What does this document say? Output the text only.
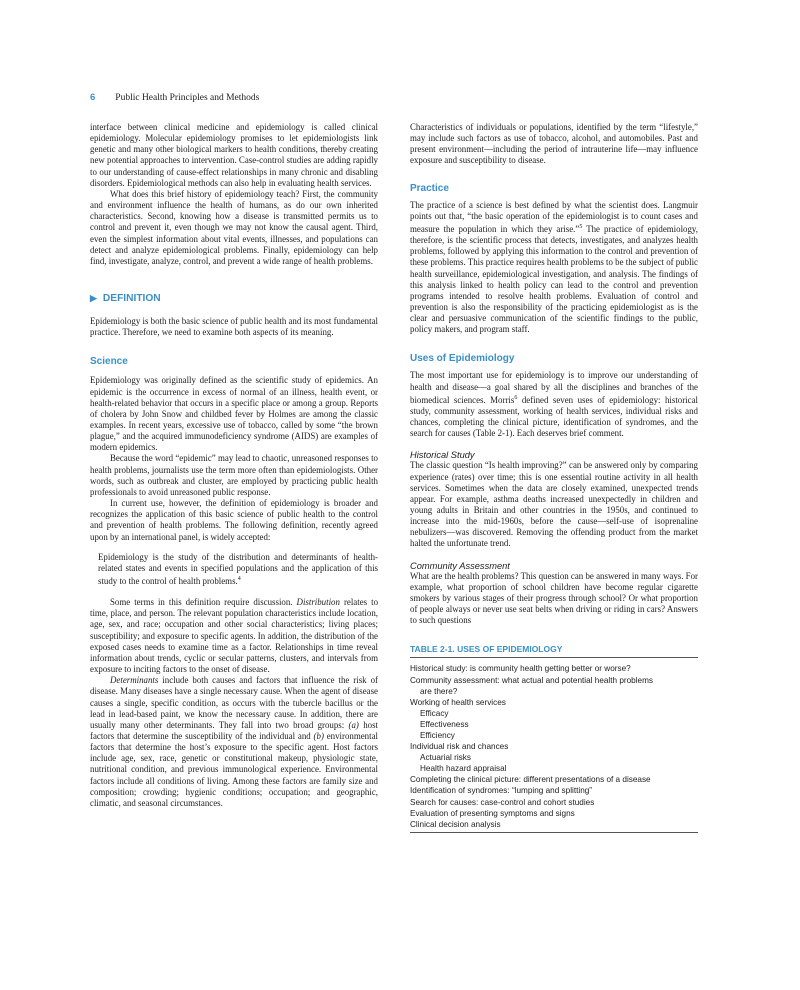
6 Public Health Principles and Methods

interface between clinical medicine and epidemiology is called clinical epidemiology. Molecular epidemiology promises to let epidemiologists link genetic and many other biological markers to health conditions, thereby creating new potential approaches to intervention. Case-control studies are adding rapidly to our understanding of cause-effect relationships in many chronic and disabling disorders. Epidemiological methods can also help in evaluating health services.

What does this brief history of epidemiology teach? First, the community and environment influence the health of humans, as do our own inherited characteristics. Second, knowing how a disease is transmitted permits us to control and prevent it, even though we may not know the causal agent. Third, even the simplest information about vital events, illnesses, and populations can detect and analyze epidemiological problems. Finally, epidemiology can help find, investigate, analyze, control, and prevent a wide range of health problems.

▶ DEFINITION

Epidemiology is both the basic science of public health and its most fundamental practice. Therefore, we need to examine both aspects of its meaning.

Science

Epidemiology was originally defined as the scientific study of epidemics. An epidemic is the occurrence in excess of normal of an illness, health event, or health-related behavior that occurs in a specific place or among a group. Reports of cholera by John Snow and childbed fever by Holmes are among the classic examples. In recent years, excessive use of tobacco, called by some “the brown plague,” and the acquired immunodeficiency syndrome (AIDS) are examples of modern epidemics.

Because the word “epidemic” may lead to chaotic, unreasoned responses to health problems, journalists use the term more often than epidemiologists. Other words, such as outbreak and cluster, are employed by practicing public health professionals to avoid unreasoned public response.

In current use, however, the definition of epidemiology is broader and recognizes the application of this basic science of public health to the control and prevention of health problems. The following definition, recently agreed upon by an international panel, is widely accepted:

Epidemiology is the study of the distribution and determinants of health-related states and events in specified populations and the application of this study to the control of health problems.$^4$

Some terms in this definition require discussion. Distribution relates to time, place, and person. The relevant population characteristics include location, age, sex, and race; occupation and other social characteristics; living places; susceptibility; and exposure to specific agents. In addition, the distribution of the exposed cases needs to examine time as a factor. Relationships in time reveal information about trends, cyclic or secular patterns, clusters, and intervals from exposure to inciting factors to the onset of disease.

Determinants include both causes and factors that influence the risk of disease. Many diseases have a single necessary cause. When the agent of disease causes a single, specific condition, as occurs with the tubercle bacillus or the lead in lead-based paint, we know the necessary cause. In addition, there are usually many other determinants. They fall into two broad groups: (a) host factors that determine the susceptibility of the individual and (b) environmental factors that determine the host’s exposure to the specific agent. Host factors include age, sex, race, genetic or constitutional makeup, physiologic state, nutritional condition, and previous immunological experience. Environmental factors include all conditions of living. Among these factors are family size and composition; crowding; hygienic conditions; occupation; and geographic, climatic, and seasonal circumstances.

Characteristics of individuals or populations, identified by the term “lifestyle,” may include such factors as use of tobacco, alcohol, and automobiles. Past and present environment—including the period of intrauterine life—may influence exposure and susceptibility to disease.

Practice

The practice of a science is best defined by what the scientist does. Langmuir points out that, “the basic operation of the epidemiologist is to count cases and measure the population in which they arise.”$^5$ The practice of epidemiology, therefore, is the scientific process that detects, investigates, and analyzes health problems, followed by applying this information to the control and prevention of these problems. This practice requires health problems to be the subject of public health surveillance, epidemiological investigation, and analysis. The findings of this analysis linked to health policy can lead to the control and prevention programs intended to resolve health problems. Evaluation of control and prevention is also the responsibility of the practicing epidemiologist as is the clear and persuasive communication of the scientific findings to the public, policy makers, and program staff.

Uses of Epidemiology

The most important use for epidemiology is to improve our understanding of health and disease—a goal shared by all the disciplines and branches of the biomedical sciences. Morris$^6$ defined seven uses of epidemiology: historical study, community assessment, working of health services, individual risks and chances, completing the clinical picture, identification of syndromes, and the search for causes (Table 2-1). Each deserves brief comment.

Historical Study

The classic question “Is health improving?” can be answered only by comparing experience (rates) over time; this is one essential routine activity in all health services. Sometimes when the data are closely examined, unexpected trends appear. For example, asthma deaths increased unexpectedly in children and young adults in Britain and other countries in the 1950s, and continued to increase into the mid-1960s, before the cause—self-use of isoprenaline nebulizers—was discovered. Removing the offending product from the market halted the unfortunate trend.

Community Assessment

What are the health problems? This question can be answered in many ways. For example, what proportion of school children have become regular cigarette smokers by various stages of their progress through school? Or what proportion of people always or never use seat belts when driving or riding in cars? Answers to such questions

TABLE 2-1. USES OF EPIDEMIOLOGY
Historical study: is community health getting better or worse?
Community assessment: what actual and potential health problems
are there?
Working of health services
Efficacy
Effectiveness
Efficiency
Individual risk and chances
Actuarial risks
Health hazard appraisal
Completing the clinical picture: different presentations of a disease
Identification of syndromes: “lumping and splitting”
Search for causes: case-control and cohort studies
Evaluation of presenting symptoms and signs
Clinical decision analysis
